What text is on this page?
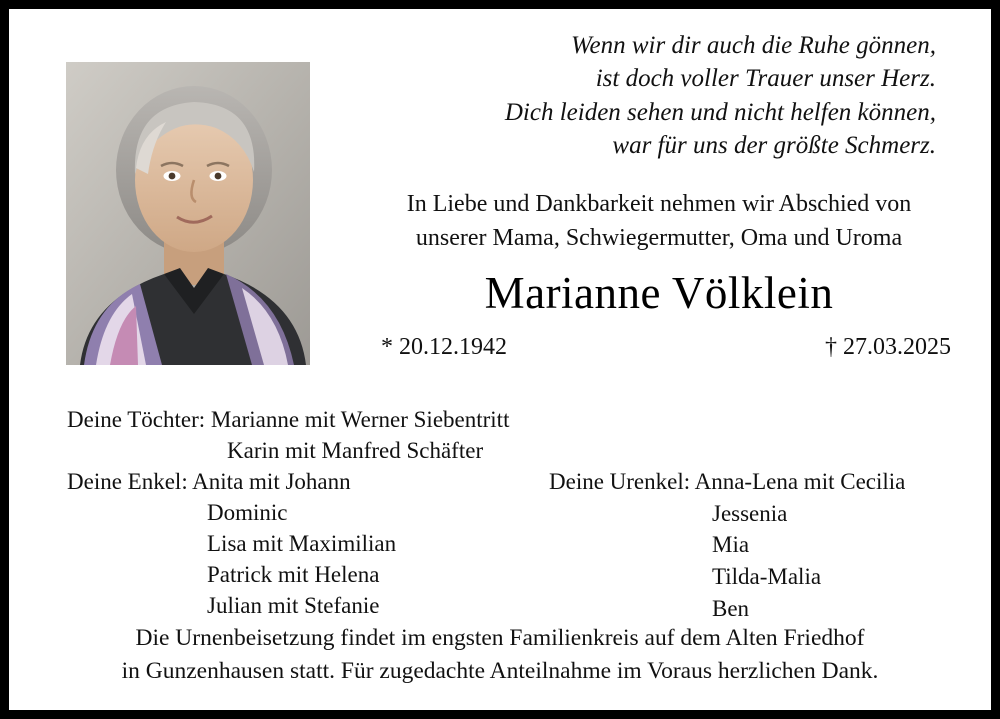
Wenn wir dir auch die Ruhe gönnen,
ist doch voller Trauer unser Herz.
Dich leiden sehen und nicht helfen können,
war für uns der größte Schmerz.
In Liebe und Dankbarkeit nehmen wir Abschied von
unserer Mama, Schwiegermutter, Oma und Uroma
Marianne Völklein
* 20.12.1942	† 27.03.2025
Deine Töchter: Marianne mit Werner Siebentritt
Karin mit Manfred Schäfter
Deine Enkel: Anita mit Johann
Dominic
Lisa mit Maximilian
Patrick mit Helena
Julian mit Stefanie
Deine Urenkel: Anna-Lena mit Cecilia
Jessenia
Mia
Tilda-Malia
Ben
Die Urnenbeisetzung findet im engsten Familienkreis auf dem Alten Friedhof
in Gunzenhausen statt. Für zugedachte Anteilnahme im Voraus herzlichen Dank.
